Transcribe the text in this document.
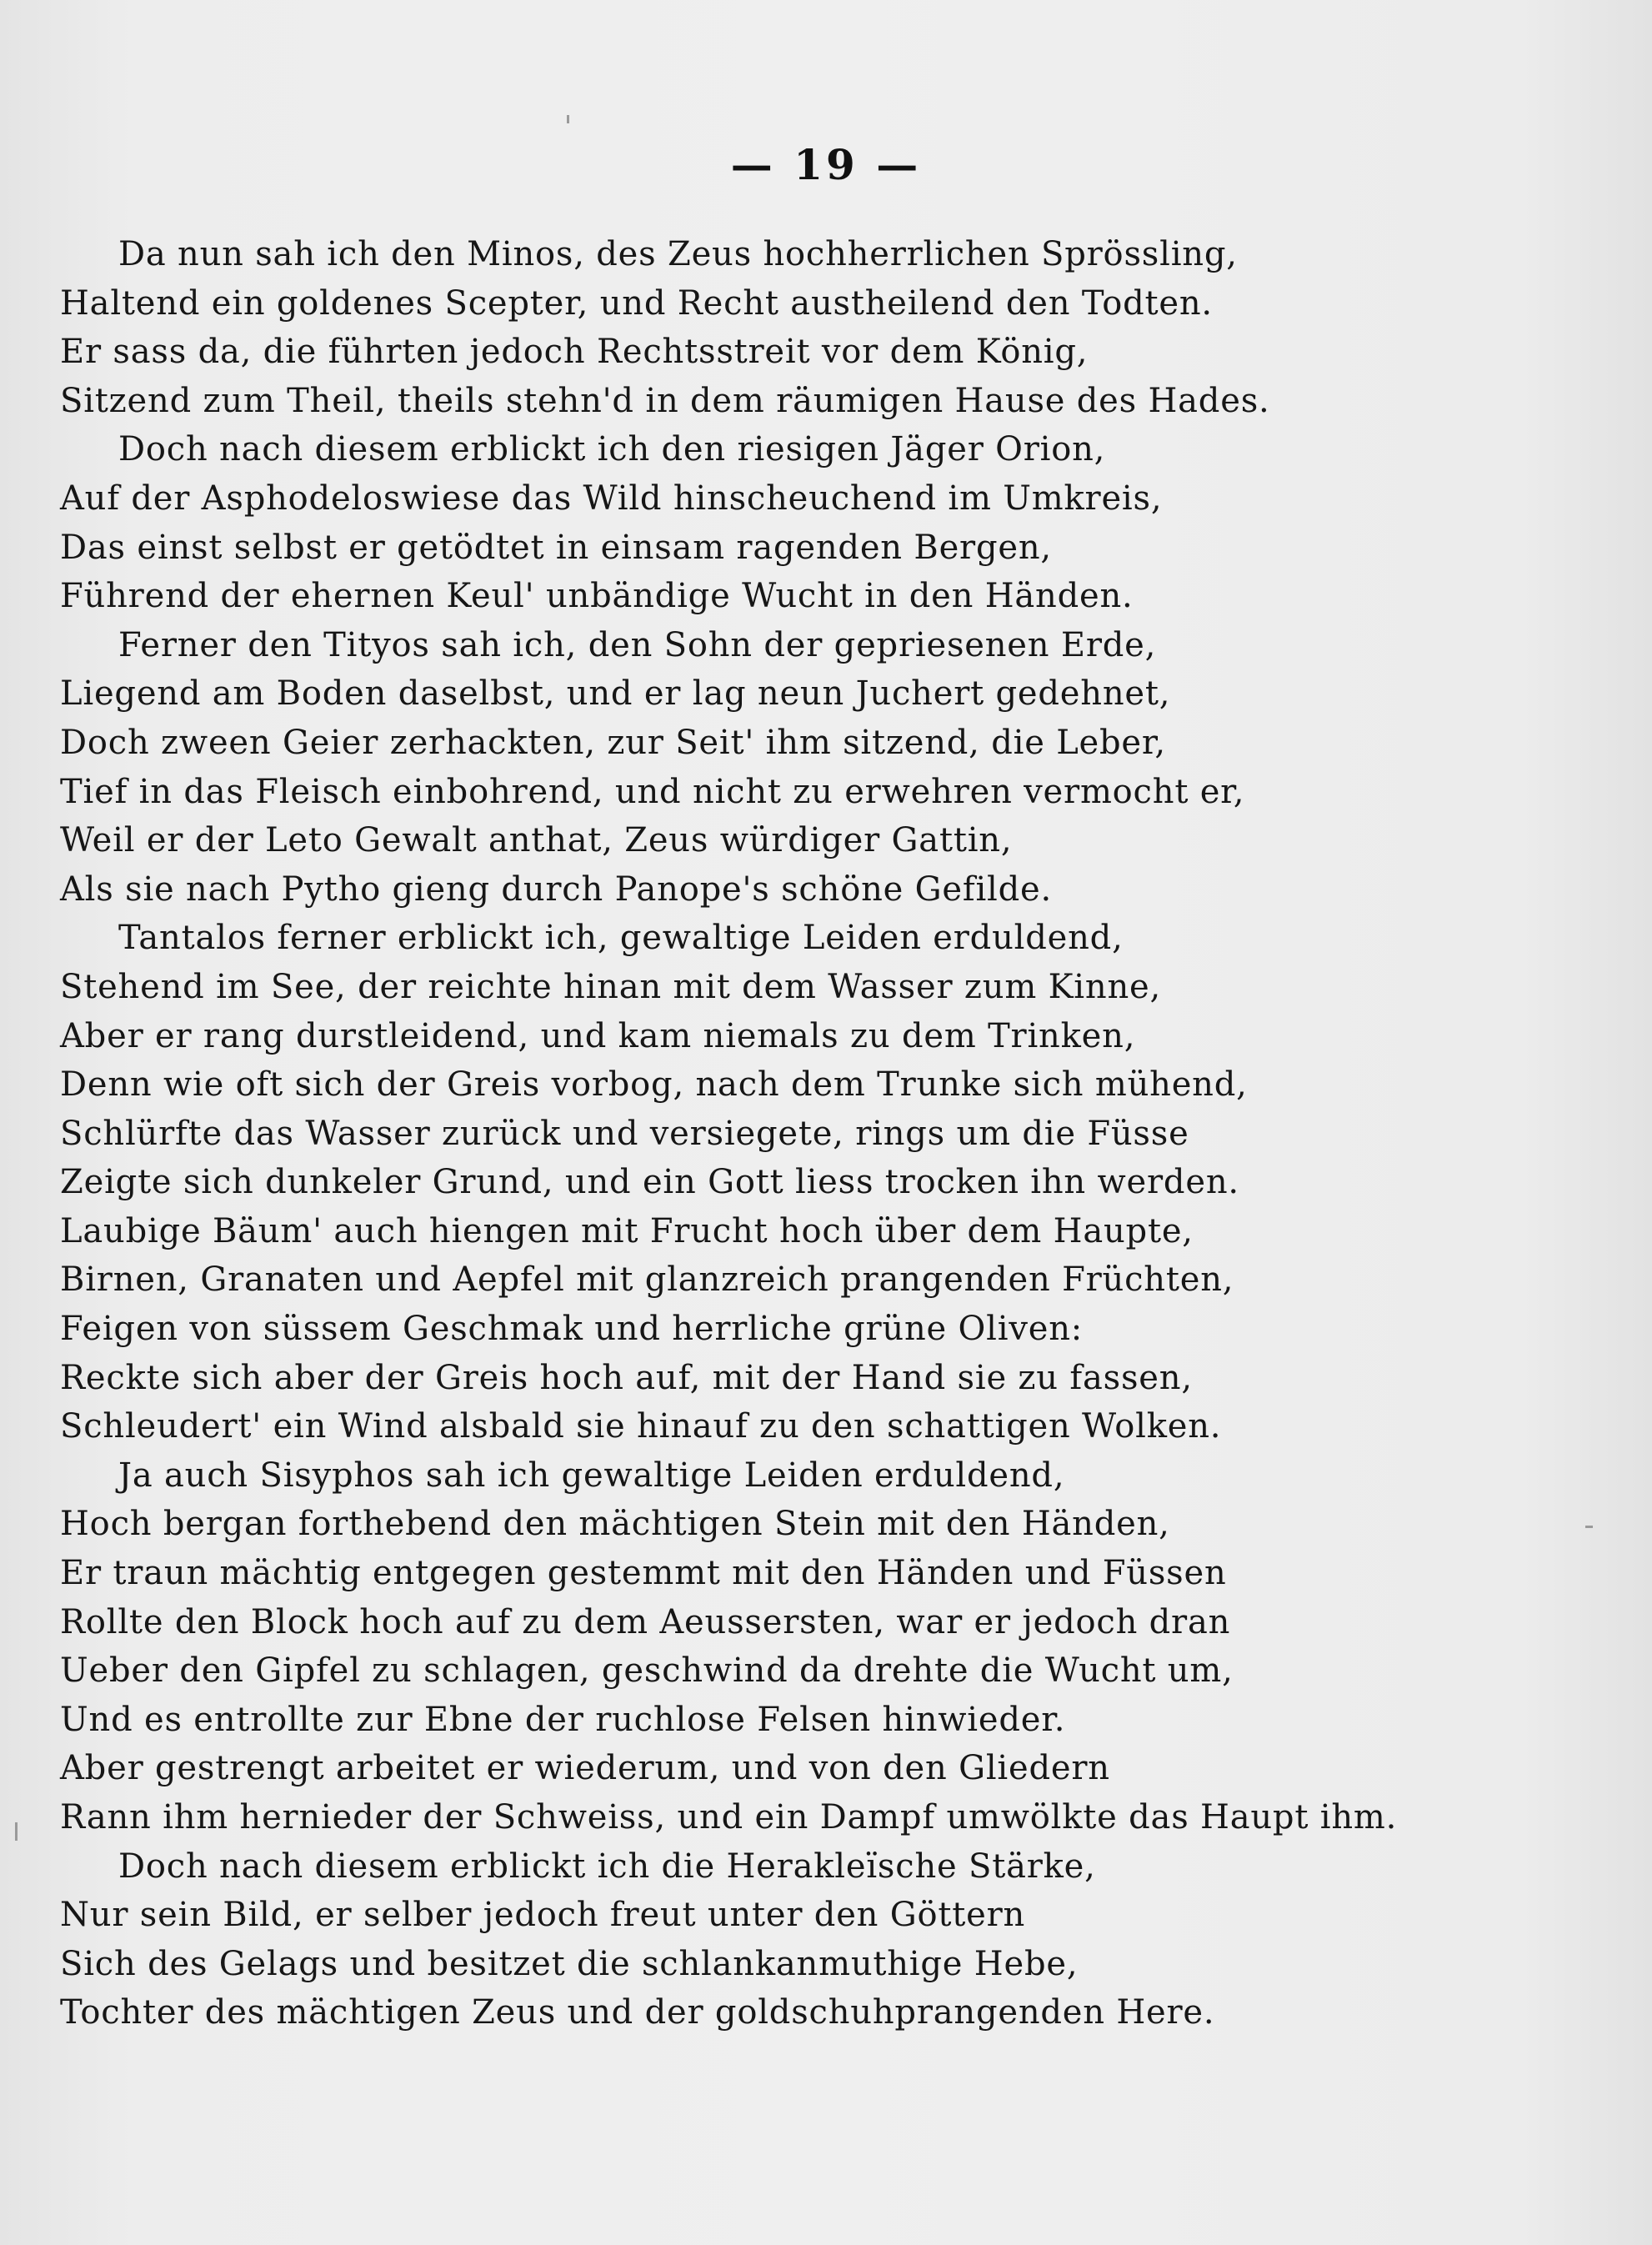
— 19 —
Da nun sah ich den Minos, des Zeus hochherrlichen Sprössling,
Haltend ein goldenes Scepter, und Recht austheilend den Todten.
Er sass da, die führten jedoch Rechtsstreit vor dem König,
Sitzend zum Theil, theils stehn'd in dem räumigen Hause des Hades.
Doch nach diesem erblickt ich den riesigen Jäger Orion,
Auf der Asphodeloswiese das Wild hinscheuchend im Umkreis,
Das einst selbst er getödtet in einsam ragenden Bergen,
Führend der ehernen Keul' unbändige Wucht in den Händen.
Ferner den Tityos sah ich, den Sohn der gepriesenen Erde,
Liegend am Boden daselbst, und er lag neun Juchert gedehnet,
Doch zween Geier zerhackten, zur Seit' ihm sitzend, die Leber,
Tief in das Fleisch einbohrend, und nicht zu erwehren vermocht er,
Weil er der Leto Gewalt anthat, Zeus würdiger Gattin,
Als sie nach Pytho gieng durch Panope's schöne Gefilde.
Tantalos ferner erblickt ich, gewaltige Leiden erduldend,
Stehend im See, der reichte hinan mit dem Wasser zum Kinne,
Aber er rang durstleidend, und kam niemals zu dem Trinken,
Denn wie oft sich der Greis vorbog, nach dem Trunke sich mühend,
Schlürfte das Wasser zurück und versiegete, rings um die Füsse
Zeigte sich dunkeler Grund, und ein Gott liess trocken ihn werden.
Laubige Bäum' auch hiengen mit Frucht hoch über dem Haupte,
Birnen, Granaten und Aepfel mit glanzreich prangenden Früchten,
Feigen von süssem Geschmak und herrliche grüne Oliven:
Reckte sich aber der Greis hoch auf, mit der Hand sie zu fassen,
Schleudert' ein Wind alsbald sie hinauf zu den schattigen Wolken.
Ja auch Sisyphos sah ich gewaltige Leiden erduldend,
Hoch bergan forthebend den mächtigen Stein mit den Händen,
Er traun mächtig entgegen gestemmt mit den Händen und Füssen
Rollte den Block hoch auf zu dem Aeussersten, war er jedoch dran
Ueber den Gipfel zu schlagen, geschwind da drehte die Wucht um,
Und es entrollte zur Ebne der ruchlose Felsen hinwieder.
Aber gestrengt arbeitet er wiederum, und von den Gliedern
Rann ihm hernieder der Schweiss, und ein Dampf umwölkte das Haupt ihm.
Doch nach diesem erblickt ich die Herakleïsche Stärke,
Nur sein Bild, er selber jedoch freut unter den Göttern
Sich des Gelags und besitzet die schlankanmuthige Hebe,
Tochter des mächtigen Zeus und der goldschuhprangenden Here.
